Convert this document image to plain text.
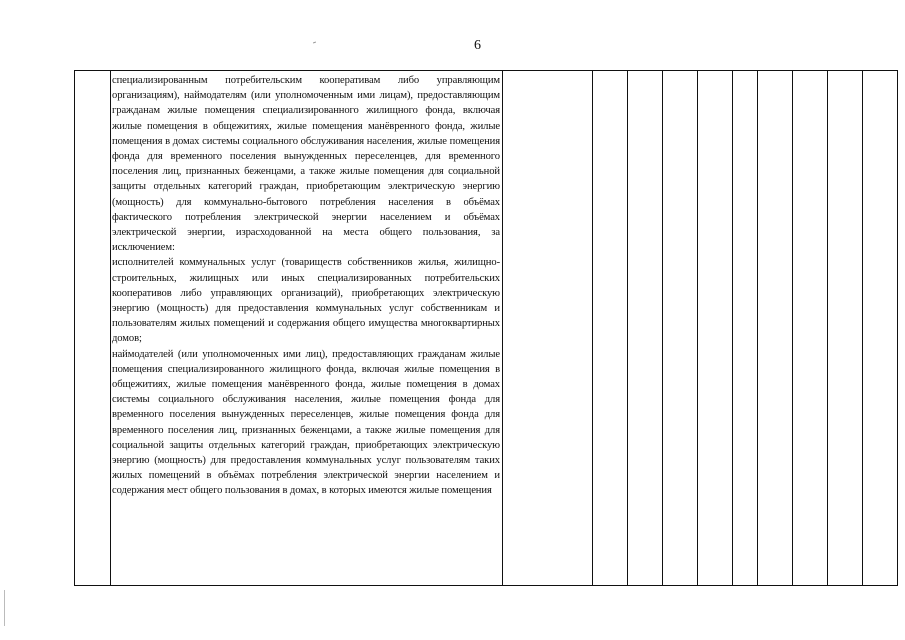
6

специализированным потребительским кооперативам либо управляющим организациям), наймодателям (или уполномоченным ими лицам), предоставляющим гражданам жилые помещения специализированного жилищного фонда, включая жилые помещения в общежитиях, жилые помещения манёвренного фонда, жилые помещения в домах системы социального обслуживания населения, жилые помещения фонда для временного поселения вынужденных переселенцев, для временного поселения лиц, признанных беженцами, а также жилые помещения для социальной защиты отдельных категорий граждан, приобретающим электрическую энергию (мощность) для коммунально-бытового потребления населения в объёмах фактического потребления электрической энергии населением и объёмах электрической энергии, израсходованной на места общего пользования, за исключением:

исполнителей коммунальных услуг (товариществ собственников жилья, жилищно-строительных, жилищных или иных специализированных потребительских кооперативов либо управляющих организаций), приобретающих электрическую энергию (мощность) для предоставления коммунальных услуг собственникам и пользователям жилых помещений и содержания общего имущества многоквартирных домов;

наймодателей (или уполномоченных ими лиц), предоставляющих гражданам жилые помещения специализированного жилищного фонда, включая жилые помещения в общежитиях, жилые помещения манёвренного фонда, жилые помещения в домах системы социального обслуживания населения, жилые помещения фонда для временного поселения вынужденных переселенцев, жилые помещения фонда для временного поселения лиц, признанных беженцами, а также жилые помещения для социальной защиты отдельных категорий граждан, приобретающих электрическую энергию (мощность) для предоставления коммунальных услуг пользователям таких жилых помещений в объёмах потребления электрической энергии населением и содержания мест общего пользования в домах, в которых имеются жилые помещения
